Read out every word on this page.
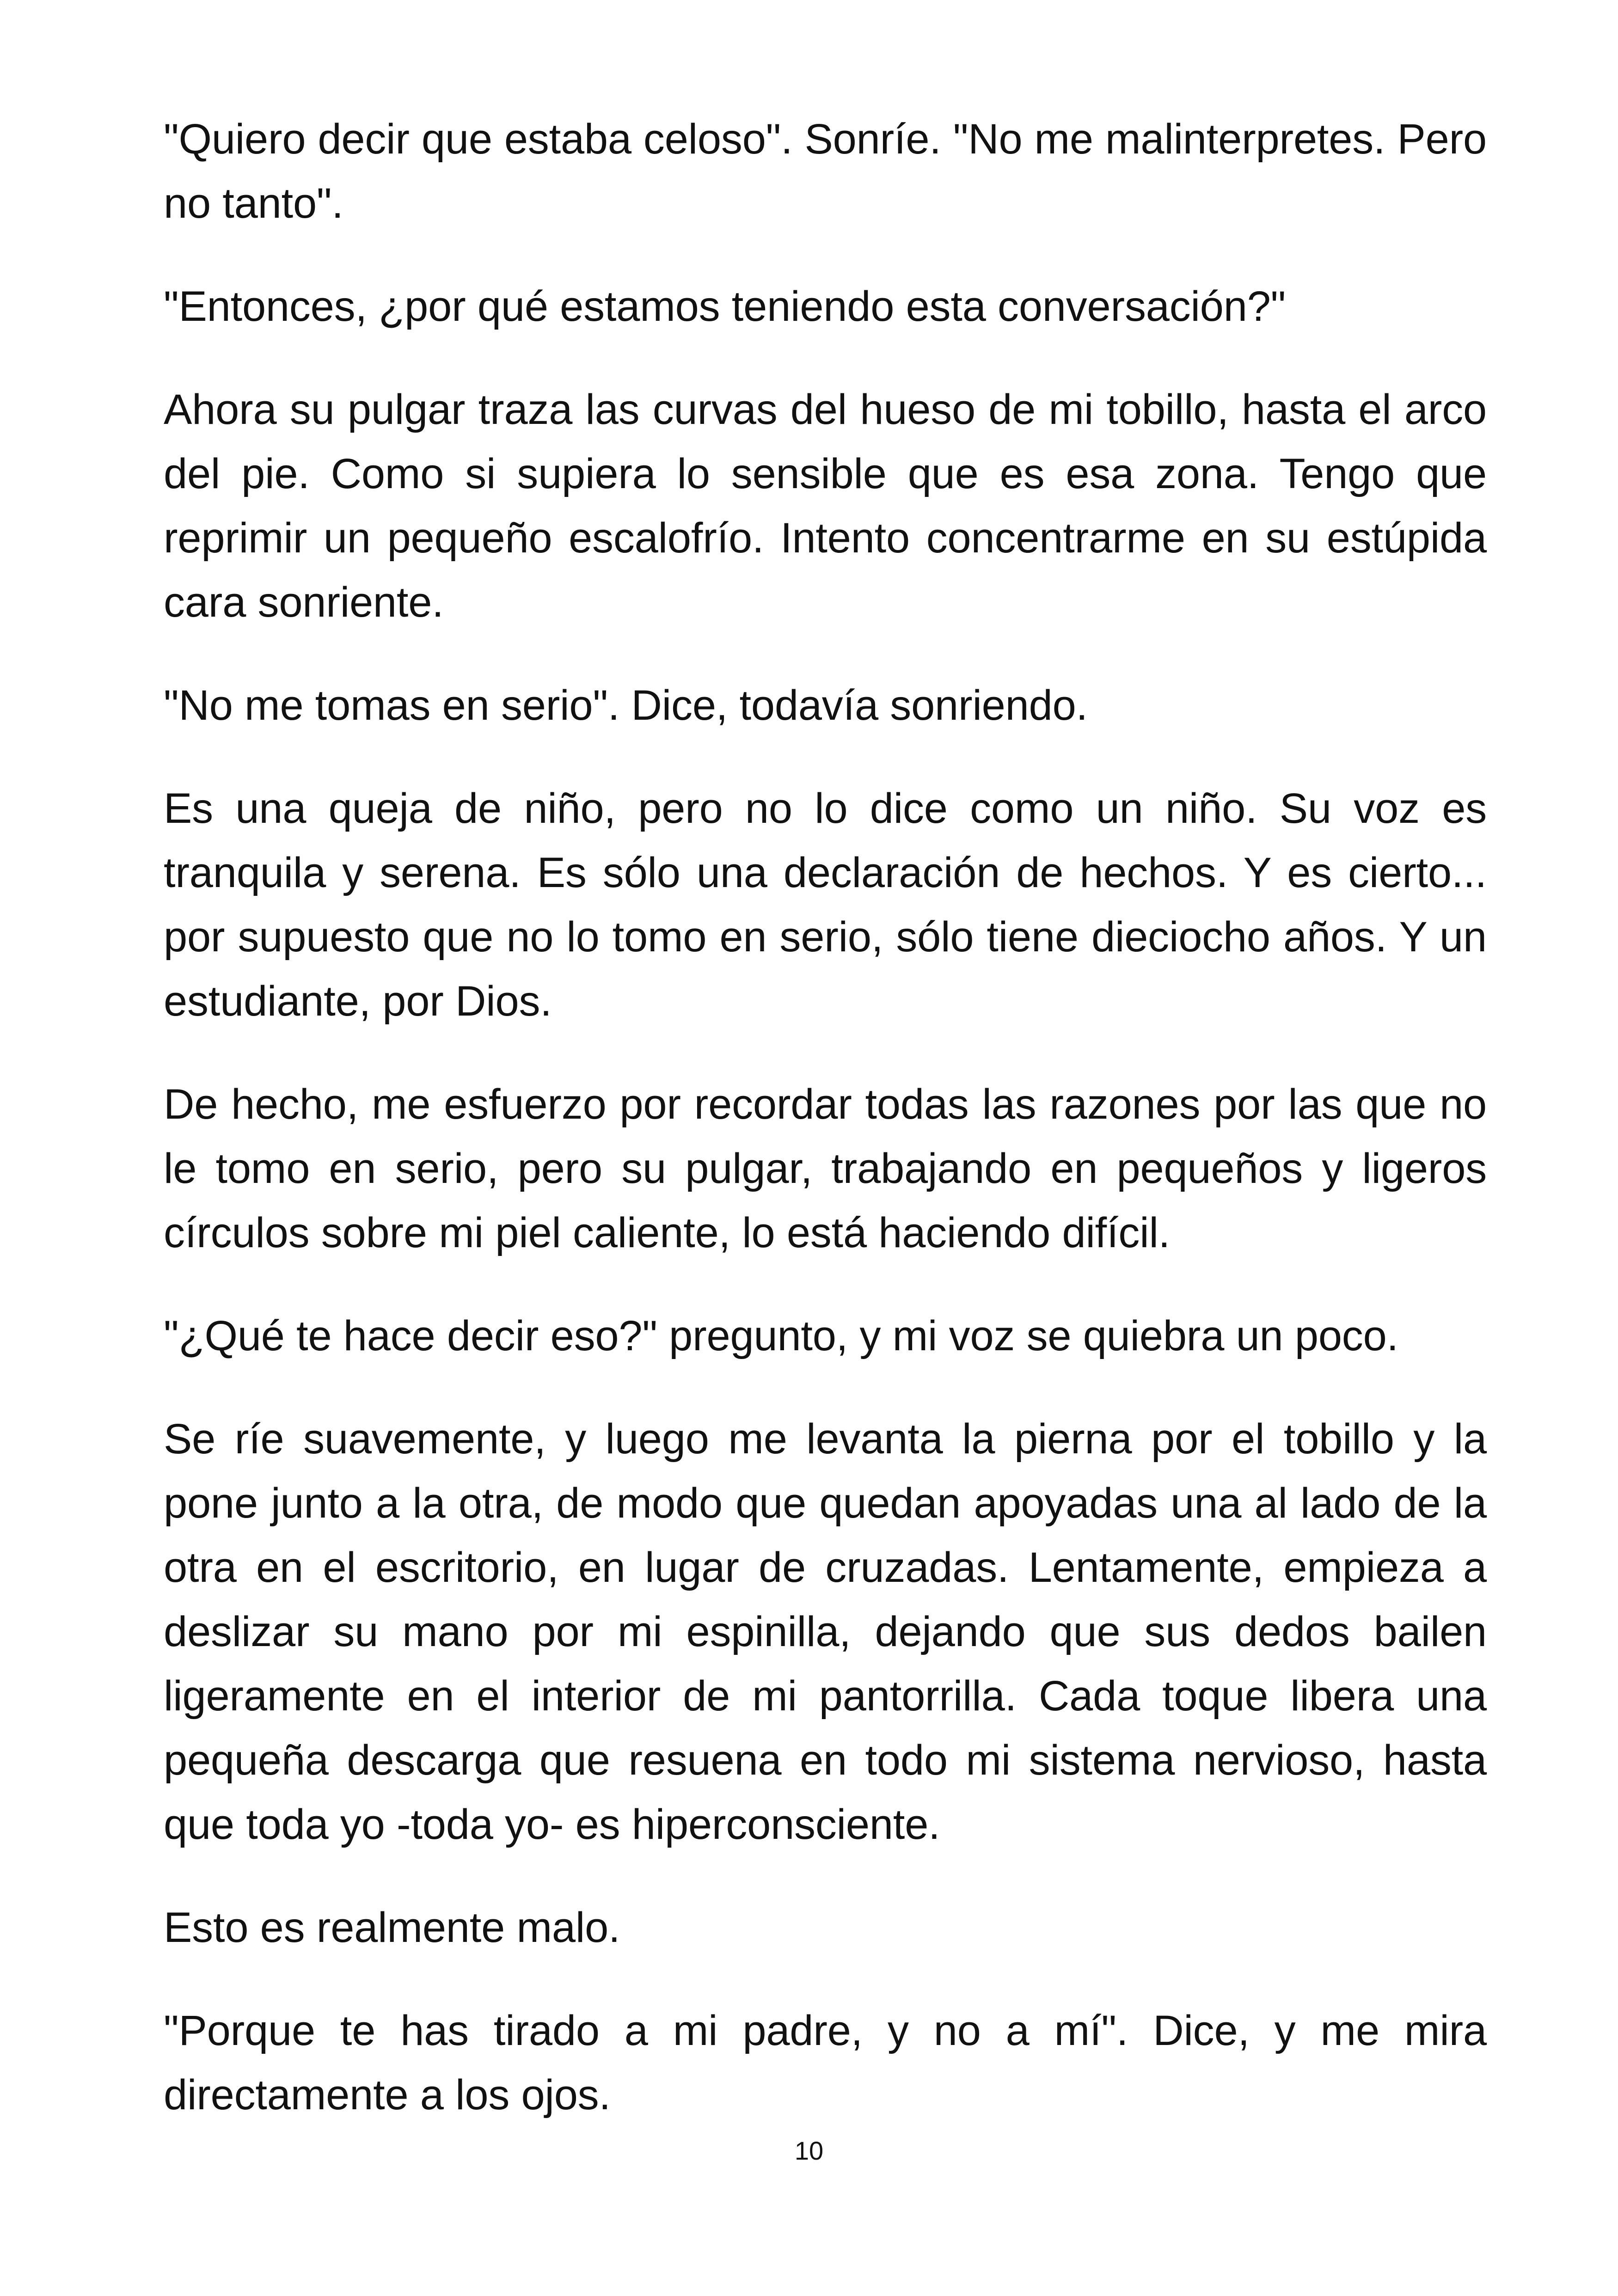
"Quiero decir que estaba celoso". Sonríe. "No me malinterpretes. Pero no tanto".

"Entonces, ¿por qué estamos teniendo esta conversación?"

Ahora su pulgar traza las curvas del hueso de mi tobillo, hasta el arco del pie. Como si supiera lo sensible que es esa zona. Tengo que reprimir un pequeño escalofrío. Intento concentrarme en su estúpida cara sonriente.

"No me tomas en serio". Dice, todavía sonriendo.

Es una queja de niño, pero no lo dice como un niño. Su voz es tranquila y serena. Es sólo una declaración de hechos. Y es cierto... por supuesto que no lo tomo en serio, sólo tiene dieciocho años. Y un estudiante, por Dios.

De hecho, me esfuerzo por recordar todas las razones por las que no le tomo en serio, pero su pulgar, trabajando en pequeños y ligeros círculos sobre mi piel caliente, lo está haciendo difícil.

"¿Qué te hace decir eso?" pregunto, y mi voz se quiebra un poco.

Se ríe suavemente, y luego me levanta la pierna por el tobillo y la pone junto a la otra, de modo que quedan apoyadas una al lado de la otra en el escritorio, en lugar de cruzadas. Lentamente, empieza a deslizar su mano por mi espinilla, dejando que sus dedos bailen ligeramente en el interior de mi pantorrilla. Cada toque libera una pequeña descarga que resuena en todo mi sistema nervioso, hasta que toda yo -toda yo- es hiperconsciente.

Esto es realmente malo.

"Porque te has tirado a mi padre, y no a mí". Dice, y me mira directamente a los ojos.

10
